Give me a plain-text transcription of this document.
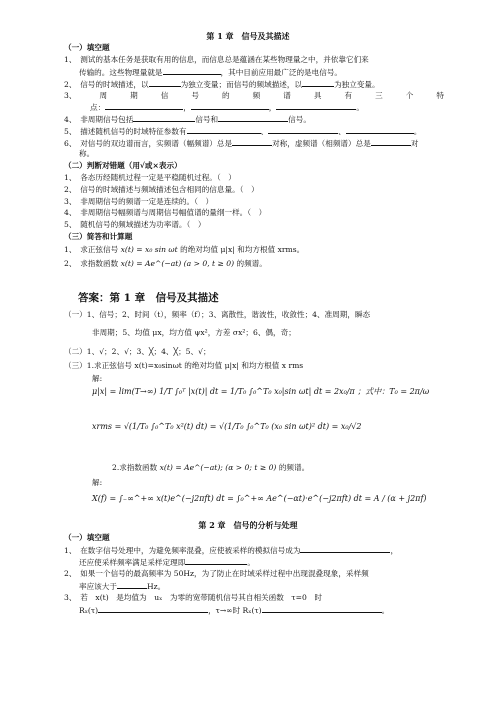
第 1 章　信号及其描述
（一）填空题
1、　测试的基本任务是获取有用的信息，而信息总是蕴涵在某些物理量之中，并依靠它们来
传输的。这些物理量就是	，其中目前应用最广泛的是电信号。
2、　信号的时域描述，以	为独立变量；而信号的频域描述，以	为独立变量。
3、	周	期	信	号	的	频	谱	具	有	三	个	特
点：	，	，	。
4、　非周期信号包括	信号和	信号。
5、　描述随机信号的时域特征参数有	、	、	。
6、　对信号的双边谱而言，实频谱（幅频谱）总是	对称，虚频谱（相频谱）总是	对
称。
（二）判断对错题（用√或×表示）
1、　各态历经随机过程一定是平稳随机过程。（　）
2、　信号的时域描述与频域描述包含相同的信息量。（　）
3、　非周期信号的频谱一定是连续的。（　）
4、　非周期信号幅频谱与周期信号幅值谱的量纲一样。（　）
5、　随机信号的频域描述为功率谱。（　）
（三）简答和计算题
1、　求正弦信号 x(t) = x₀ sin ωt 的绝对均值 μ|x| 和均方根值 xrms。
2、　求指数函数 x(t) = Ae^(−at) (a > 0, t ≥ 0) 的频谱。
答案：第 1 章　信号及其描述
（一）1、信号；2、时间（t），频率（f）；3、离散性，谐波性，收敛性；4、准周期，瞬态
非周期；5、均值 μx，均方值 ψx²，方差 σx²；6、偶，奇；
（二）1、√；2、√；3、╳；4、╳；5、√；
（三）1.求正弦信号 x(t)=x₀sinωt 的绝对均值 μ|x| 和均方根值 x rms
解:
μ|x| = lim(T→∞) 1/T ∫₀ᵀ |x(t)| dt = 1/T₀ ∫₀^T₀ x₀|sin ωt| dt = 2x₀/π ；式中：T₀ = 2π/ω
xrms = √(1/T₀ ∫₀^T₀ x²(t) dt) = √(1/T₀ ∫₀^T₀ (x₀ sin ωt)² dt) = x₀/√2
2.求指数函数 x(t) = Ae^(−at); (α > 0; t ≥ 0) 的频谱。
解:
X(f) = ∫₋∞^+∞ x(t)e^(−j2πft) dt = ∫₀^+∞ Ae^(−αt)·e^(−j2πft) dt = A / (α + j2πf)
第 2 章　信号的分析与处理
（一）填空题
1、　在数字信号处理中，为避免频率混叠，应使被采样的模拟信号成为	，
还应使采样频率满足采样定理即	。
2、　如果一个信号的最高频率为 50Hz，为了防止在时域采样过程中出现混叠现象，采样频
率应该大于	Hz。
3、　若　x(t)　是均值为　uₓ　为零的宽带随机信号其自相关函数　τ=0　时
Rₓ(τ)	，τ→∞时 Rₓ(τ)	。
